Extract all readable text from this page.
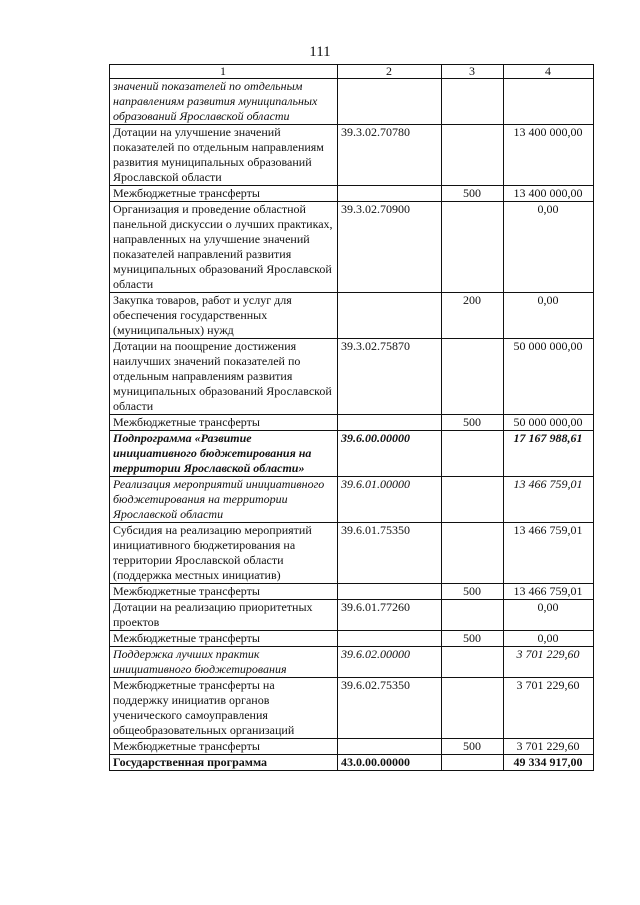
111
1	2	3	4
значений показателей по отдельным направлениям развития муниципальных образований Ярославской области			
Дотации на улучшение значений показателей по отдельным направлениям развития муниципальных образований Ярославской области	39.3.02.70780		13 400 000,00
Межбюджетные трансферты		500	13 400 000,00
Организация и проведение областной панельной дискуссии о лучших практиках, направленных на улучшение значений показателей направлений развития муниципальных образований Ярославской области	39.3.02.70900		0,00
Закупка товаров, работ и услуг для обеспечения государственных (муниципальных) нужд		200	0,00
Дотации на поощрение достижения наилучших значений показателей по отдельным направлениям развития муниципальных образований Ярославской области	39.3.02.75870		50 000 000,00
Межбюджетные трансферты		500	50 000 000,00
Подпрограмма «Развитие инициативного бюджетирования на территории Ярославской области»	39.6.00.00000		17 167 988,61
Реализация мероприятий инициативного бюджетирования на территории Ярославской области	39.6.01.00000		13 466 759,01
Субсидия на реализацию мероприятий инициативного бюджетирования на территории Ярославской области (поддержка местных инициатив)	39.6.01.75350		13 466 759,01
Межбюджетные трансферты		500	13 466 759,01
Дотации на реализацию приоритетных проектов	39.6.01.77260		0,00
Межбюджетные трансферты		500	0,00
Поддержка лучших практик инициативного бюджетирования	39.6.02.00000		3 701 229,60
Межбюджетные трансферты на поддержку инициатив органов ученического самоуправления общеобразовательных организаций	39.6.02.75350		3 701 229,60
Межбюджетные трансферты		500	3 701 229,60
Государственная программа	43.0.00.00000		49 334 917,00
